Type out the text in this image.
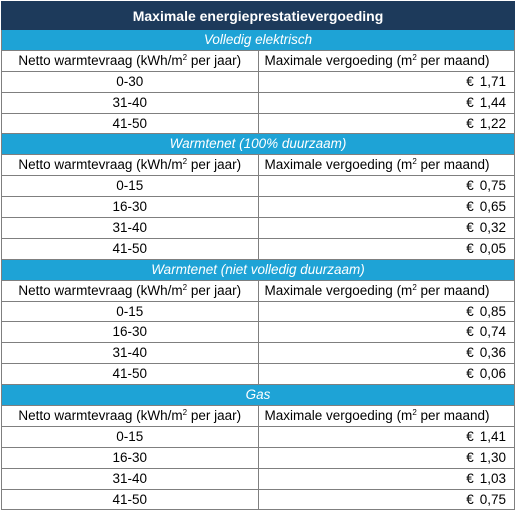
Maximale energieprestatievergoeding	
Volledig elektrisch	
Netto warmtevraag ($kWh/m^2$ per jaar)	Maximale vergoeding ($m^2$ per maand)
0-30	€ 1,71
31-40	€ 1,44
41-50	€ 1,22
Warmtenet (100% duurzaam)	
Netto warmtevraag ($kWh/m^2$ per jaar)	Maximale vergoeding ($m^2$ per maand)
0-15	€ 0,75
16-30	€ 0,65
31-40	€ 0,32
41-50	€ 0,05
Warmtenet (niet volledig duurzaam)	
Netto warmtevraag ($kWh/m^2$ per jaar)	Maximale vergoeding ($m^2$ per maand)
0-15	€ 0,85
16-30	€ 0,74
31-40	€ 0,36
41-50	€ 0,06
Gas	
Netto warmtevraag ($kWh/m^2$ per jaar)	Maximale vergoeding ($m^2$ per maand)
0-15	€ 1,41
16-30	€ 1,30
31-40	€ 1,03
41-50	€ 0,75
